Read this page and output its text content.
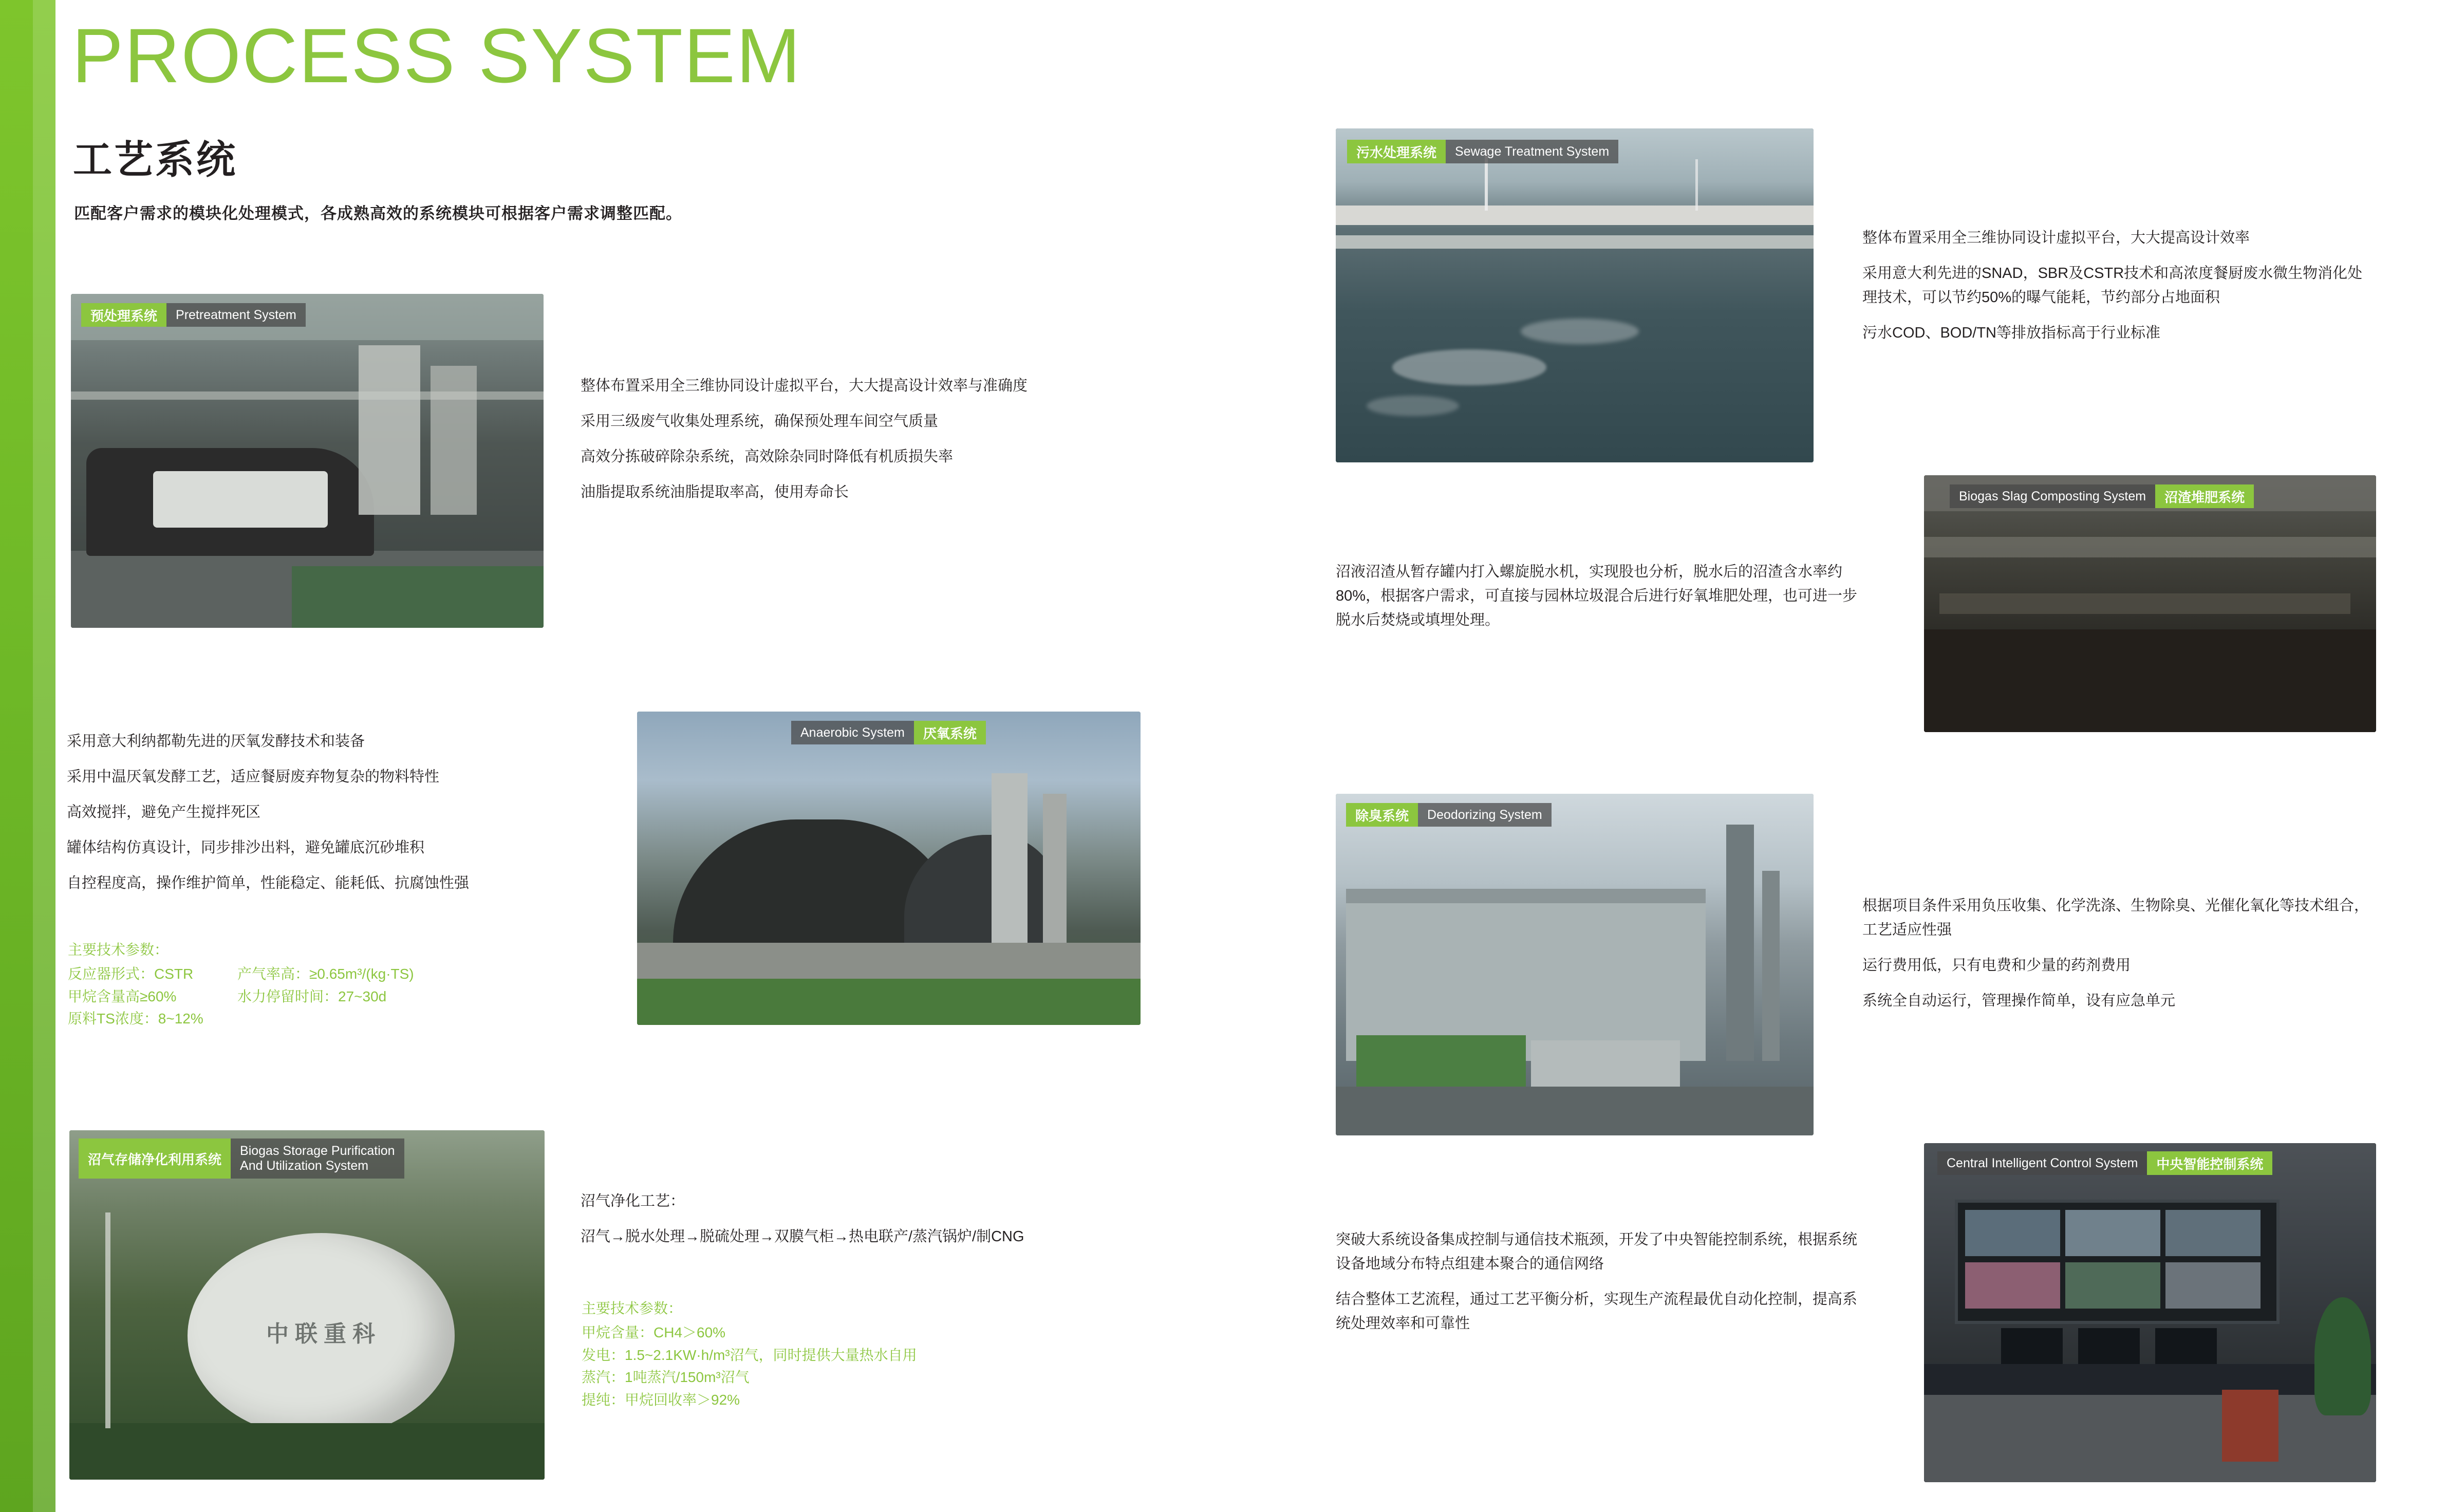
PROCESS SYSTEM
工艺系统
匹配客户需求的模块化处理模式，各成熟高效的系统模块可根据客户需求调整匹配。
污水处理系统	Sewage Treatment System

整体布置采用全三维协同设计虚拟平台，大大提高设计效率

采用意大利先进的SNAD，SBR及CSTR技术和高浓度餐厨废水微生物消化处理技术，可以节约50%的曝气能耗，节约部分占地面积

污水COD、BOD/TN等排放指标高于行业标准

预处理系统	Pretreatment System

整体布置采用全三维协同设计虚拟平台，大大提高设计效率与准确度

采用三级废气收集处理系统，确保预处理车间空气质量

高效分拣破碎除杂系统，高效除杂同时降低有机质损失率

油脂提取系统油脂提取率高，使用寿命长	Biogas Slag Composting System	沼渣堆肥系统

沼液沼渣从暂存罐内打入螺旋脱水机，实现股也分析，脱水后的沼渣含水率约80%，根据客户需求，可直接与园林垃圾混合后进行好氧堆肥处理，也可进一步脱水后焚烧或填埋处理。

Anaerobic System	厌氧系统

采用意大利纳都勒先进的厌氧发酵技术和装备

采用中温厌氧发酵工艺，适应餐厨废弃物复杂的物料特性

高效搅拌，避免产生搅拌死区

罐体结构仿真设计，同步排沙出料，避免罐底沉砂堆积

自控程度高，操作维护简单，性能稳定、能耗低、抗腐蚀性强

主要技术参数：
反应器形式：CSTR	产气率高：≥0.65m³/(kg·TS)
甲烷含量高≥60%	水力停留时间：27~30d
原料TS浓度：8~12%
除臭系统	Deodorizing System

根据项目条件采用负压收集、化学洗涤、生物除臭、光催化氧化等技术组合，工艺适应性强

运行费用低，只有电费和少量的药剂费用

系统全自动运行，管理操作简单，设有应急单元

中联重科
沼气存储净化利用系统
Biogas Storage Purification
And Utilization System

沼气净化工艺：

沼气→脱水处理→脱硫处理→双膜气柜→热电联产/蒸汽锅炉/制CNG

主要技术参数：
甲烷含量：CH4＞60%
发电：1.5~2.1KW·h/m³沼气，同时提供大量热水自用
蒸汽：1吨蒸汽/150m³沼气
提纯：甲烷回收率＞92%
Central Intelligent Control System	中央智能控制系统

突破大系统设备集成控制与通信技术瓶颈，开发了中央智能控制系统，根据系统设备地域分布特点组建本聚合的通信网络

结合整体工艺流程，通过工艺平衡分析，实现生产流程最优自动化控制，提高系统处理效率和可靠性
